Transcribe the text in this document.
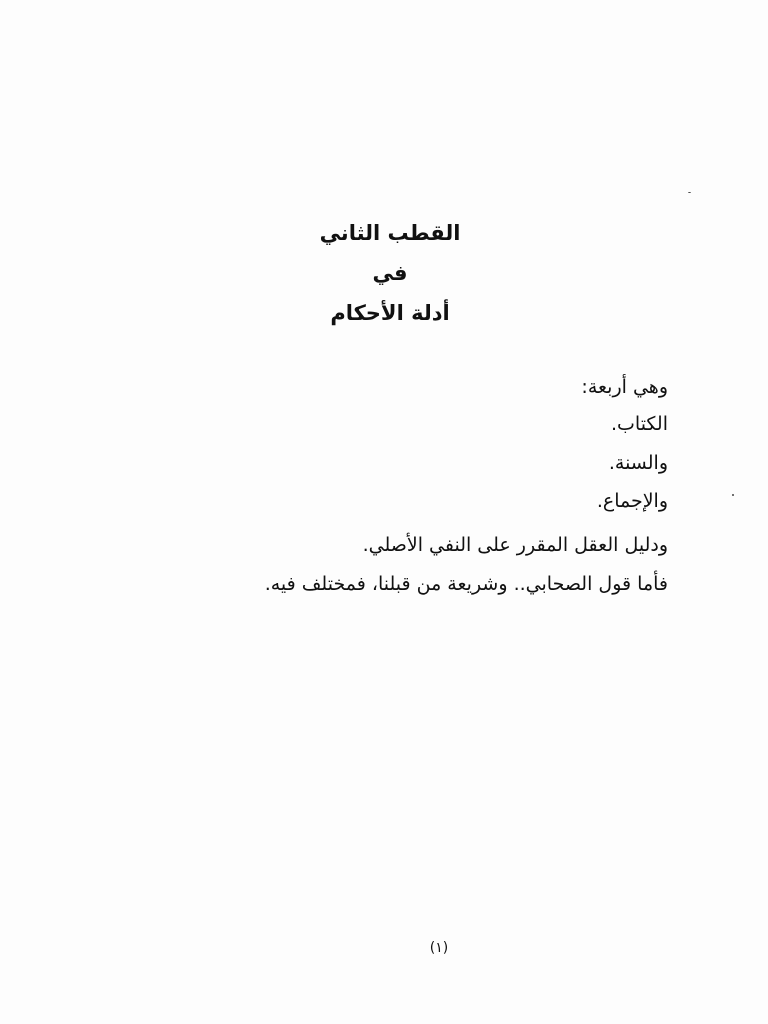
القطب الثاني
في
أدلة الأحكام
وهي أربعة:
الكتاب.
والسنة.
والإجماع.
ودليل العقل المقرر على النفي الأصلي.
فأما قول الصحابي.. وشريعة من قبلنا، فمختلف فيه.
(١)
